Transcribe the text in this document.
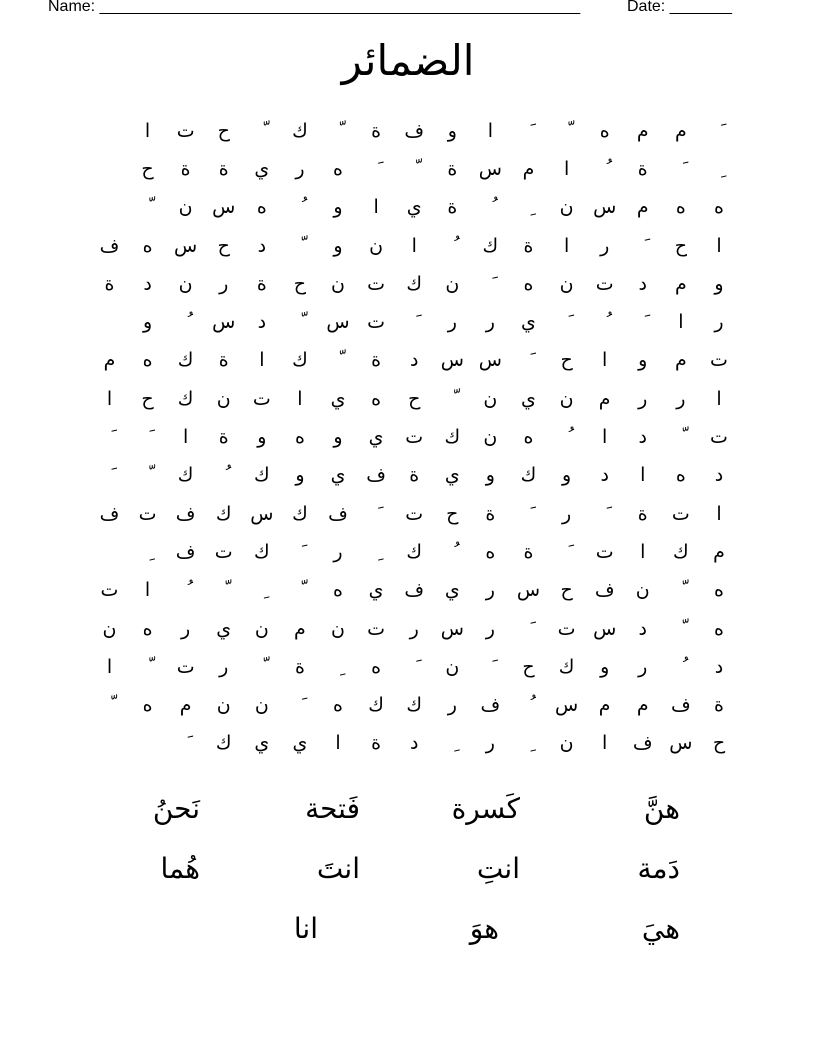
Name: ______________________________________________________	Date: _______
الضمائر
م
م
ه
ا
و
ف
ة
ك
ح
ت
ا
ة
ا
م
س
ة
ه
ر
ي
ة
ة
ح
ه
ه
م
س
ن
ة
ي
ا
و
ه
س
ن
ا
ح
ر
ا
ة
ك
ا
ن
و
د
ح
س
ه
ف
و
م
د
ت
ن
ه
ن
ك
ت
ن
ح
ة
ر
ن
د
ة
ر
ا
ي
ر
ر
ت
س
د
س
و
ت
م
و
ا
ح
س
س
د
ة
ك
ا
ة
ك
ه
م
ا
ر
ر
م
ن
ي
ن
ح
ه
ي
ا
ت
ن
ك
ح
ا
ت
د
ا
ه
ن
ك
ت
ي
و
ه
و
ة
ا
د
ه
ا
د
و
ك
و
ي
ة
ف
ي
و
ك
ك
ا
ت
ة
ر
ة
ح
ت
ف
ك
س
ك
ف
ت
ف
م
ك
ا
ت
ة
ه
ك
ر
ك
ت
ف
ه
ن
ف
ح
س
ر
ي
ف
ي
ه
ا
ت
ه
د
س
ت
ر
س
ر
ت
ن
م
ن
ي
ر
ه
ن
د
ر
و
ك
ح
ن
ه
ة
ر
ت
ا
ة
ف
م
م
س
ف
ر
ك
ك
ه
ن
ن
م
ه
ح
س
ف
ا
ن
ر
د
ة
ا
ي
ي
ك
هنَّ
كَسرة
فَتحة
نَحنُ
دَمة
انتِ
انتَ
هُما
هيَ
هوَ
انا
